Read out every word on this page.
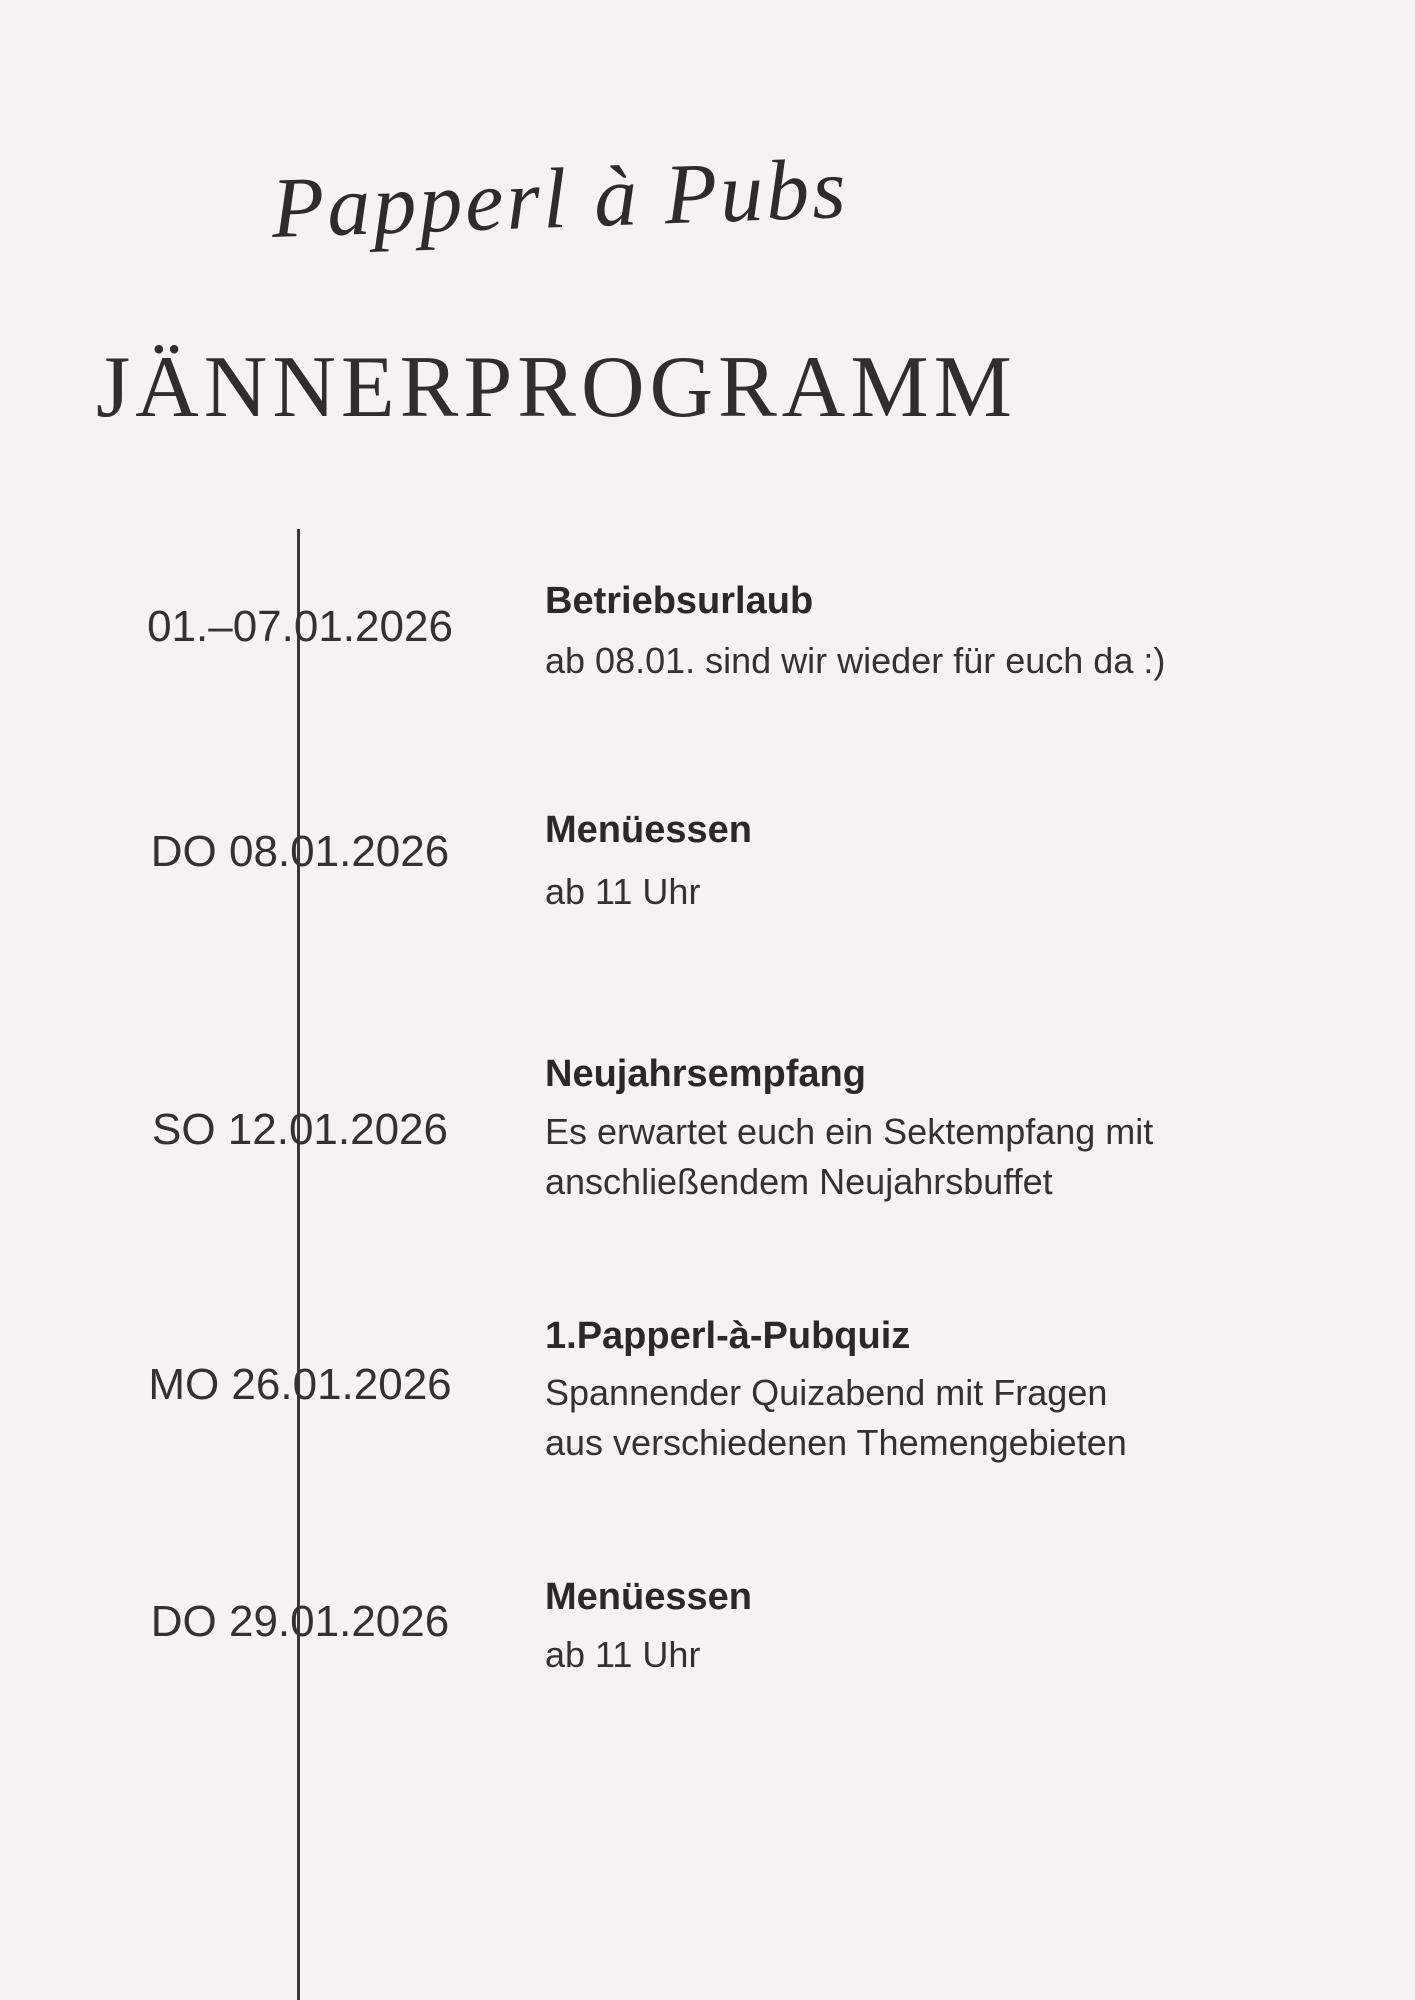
Papperl à Pubs
JÄNNERPROGRAMM
01.–07.01.2026
Betriebsurlaub
ab 08.01. sind wir wieder für euch da :)
DO 08.01.2026	Menüessen
ab 11 Uhr
SO 12.01.2026
Neujahrsempfang
Es erwartet euch ein Sektempfang mit
anschließendem Neujahrsbuffet
MO 26.01.2026
1.Papperl-à-Pubquiz
Spannender Quizabend mit Fragen
aus verschiedenen Themengebieten
DO 29.01.2026	Menüessen
ab 11 Uhr
